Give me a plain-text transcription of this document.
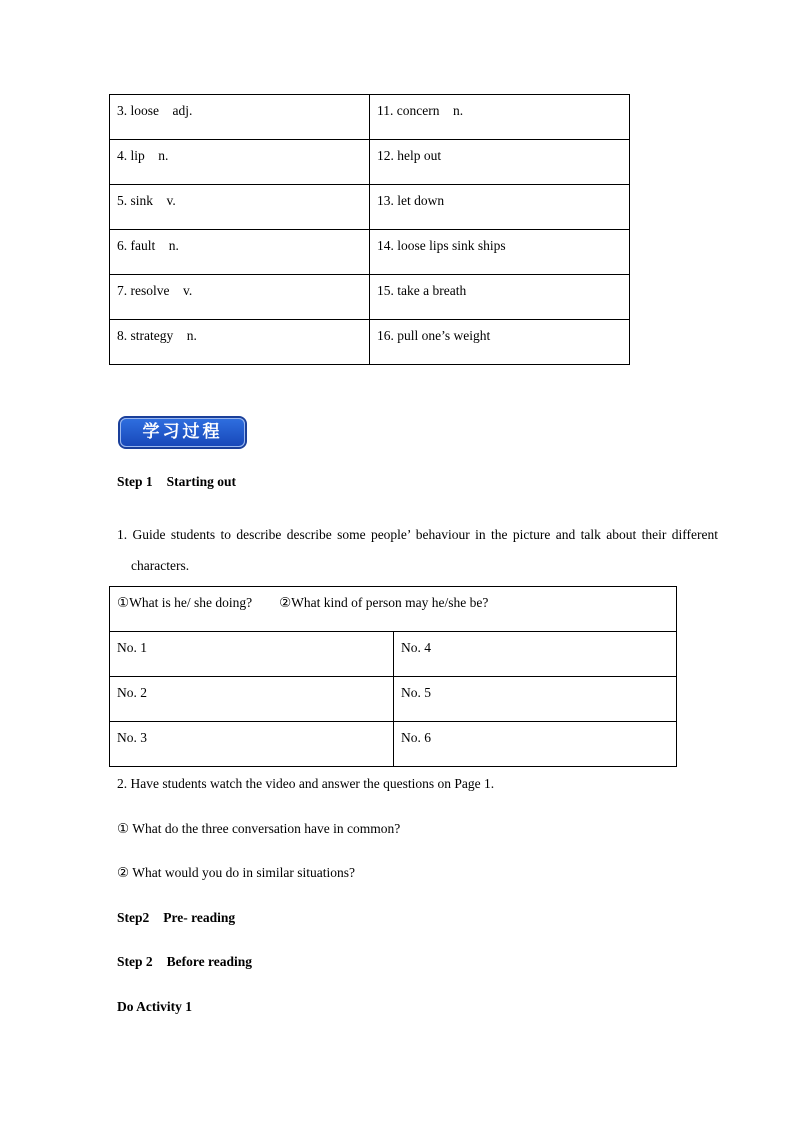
3. loose　adj.	11. concern　n.
4. lip　n.	12. help out
5. sink　v.	13. let down
6. fault　n.	14. loose lips sink ships
7. resolve　v.	15. take a breath
8. strategy　n.	16. pull one’s weight
学习过程
Step 1 Starting out
1. Guide students to describe describe some people’ behaviour in the picture and talk about their different
characters.
①What is he/ she doing?　　②What kind of person may he/she be?	
No. 1	No. 4
No. 2	No. 5
No. 3	No. 6
2. Have students watch the video and answer the questions on Page 1.
① What do the three conversation have in common?
② What would you do in similar situations?
Step2 Pre- reading
Step 2 Before reading
Do Activity 1
